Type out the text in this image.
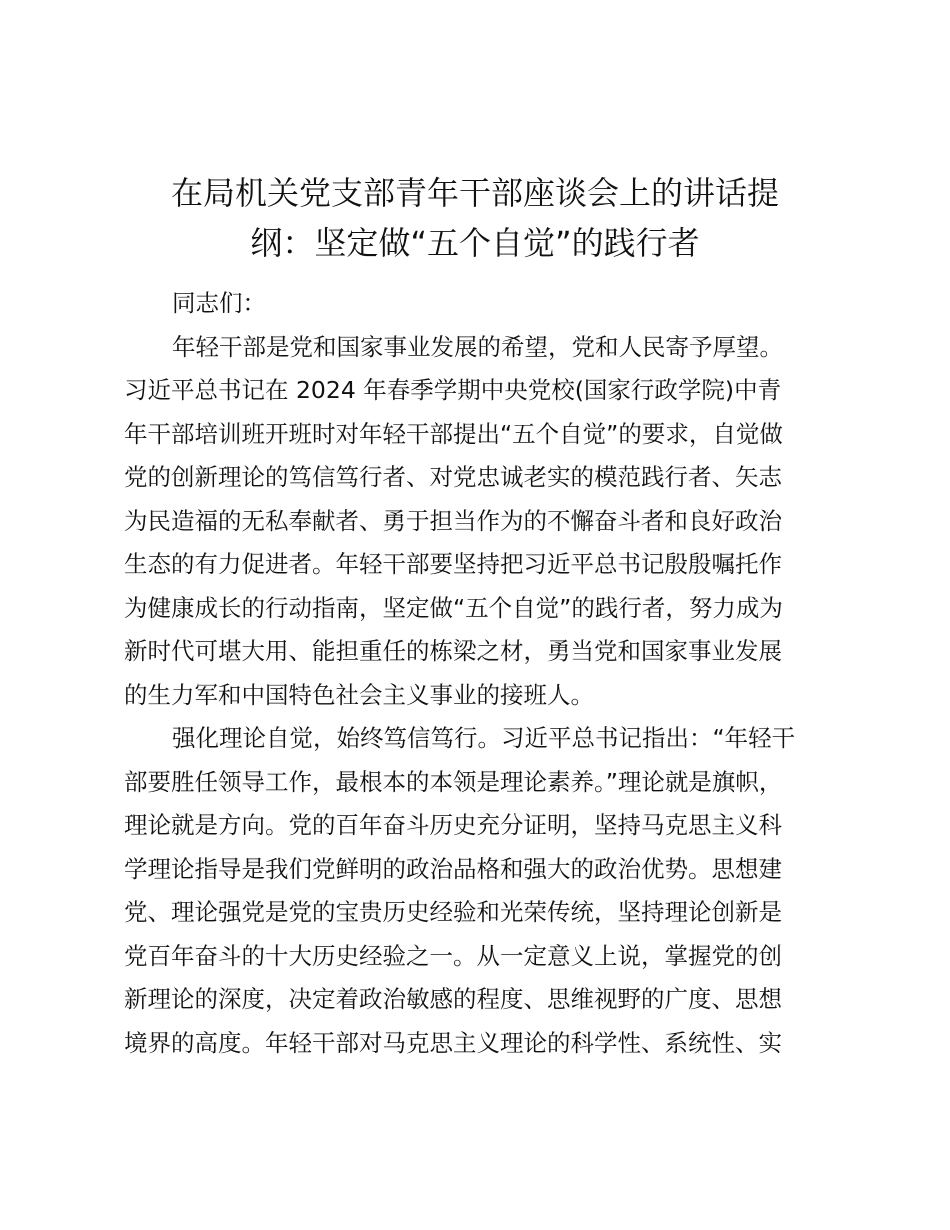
在局机关党支部青年干部座谈会上的讲话提
纲：坚定做“五个自觉”的践行者
同志们：
年轻干部是党和国家事业发展的希望，党和人民寄予厚望。
习近平总书记在 2024 年春季学期中央党校(国家行政学院)中青
年干部培训班开班时对年轻干部提出“五个自觉”的要求，自觉做
党的创新理论的笃信笃行者、对党忠诚老实的模范践行者、矢志
为民造福的无私奉献者、勇于担当作为的不懈奋斗者和良好政治
生态的有力促进者。年轻干部要坚持把习近平总书记殷殷嘱托作
为健康成长的行动指南，坚定做“五个自觉”的践行者，努力成为
新时代可堪大用、能担重任的栋梁之材，勇当党和国家事业发展
的生力军和中国特色社会主义事业的接班人。
强化理论自觉，始终笃信笃行。习近平总书记指出：“年轻干
部要胜任领导工作，最根本的本领是理论素养。”理论就是旗帜，
理论就是方向。党的百年奋斗历史充分证明，坚持马克思主义科
学理论指导是我们党鲜明的政治品格和强大的政治优势。思想建
党、理论强党是党的宝贵历史经验和光荣传统，坚持理论创新是
党百年奋斗的十大历史经验之一。从一定意义上说，掌握党的创
新理论的深度，决定着政治敏感的程度、思维视野的广度、思想
境界的高度。年轻干部对马克思主义理论的科学性、系统性、实
